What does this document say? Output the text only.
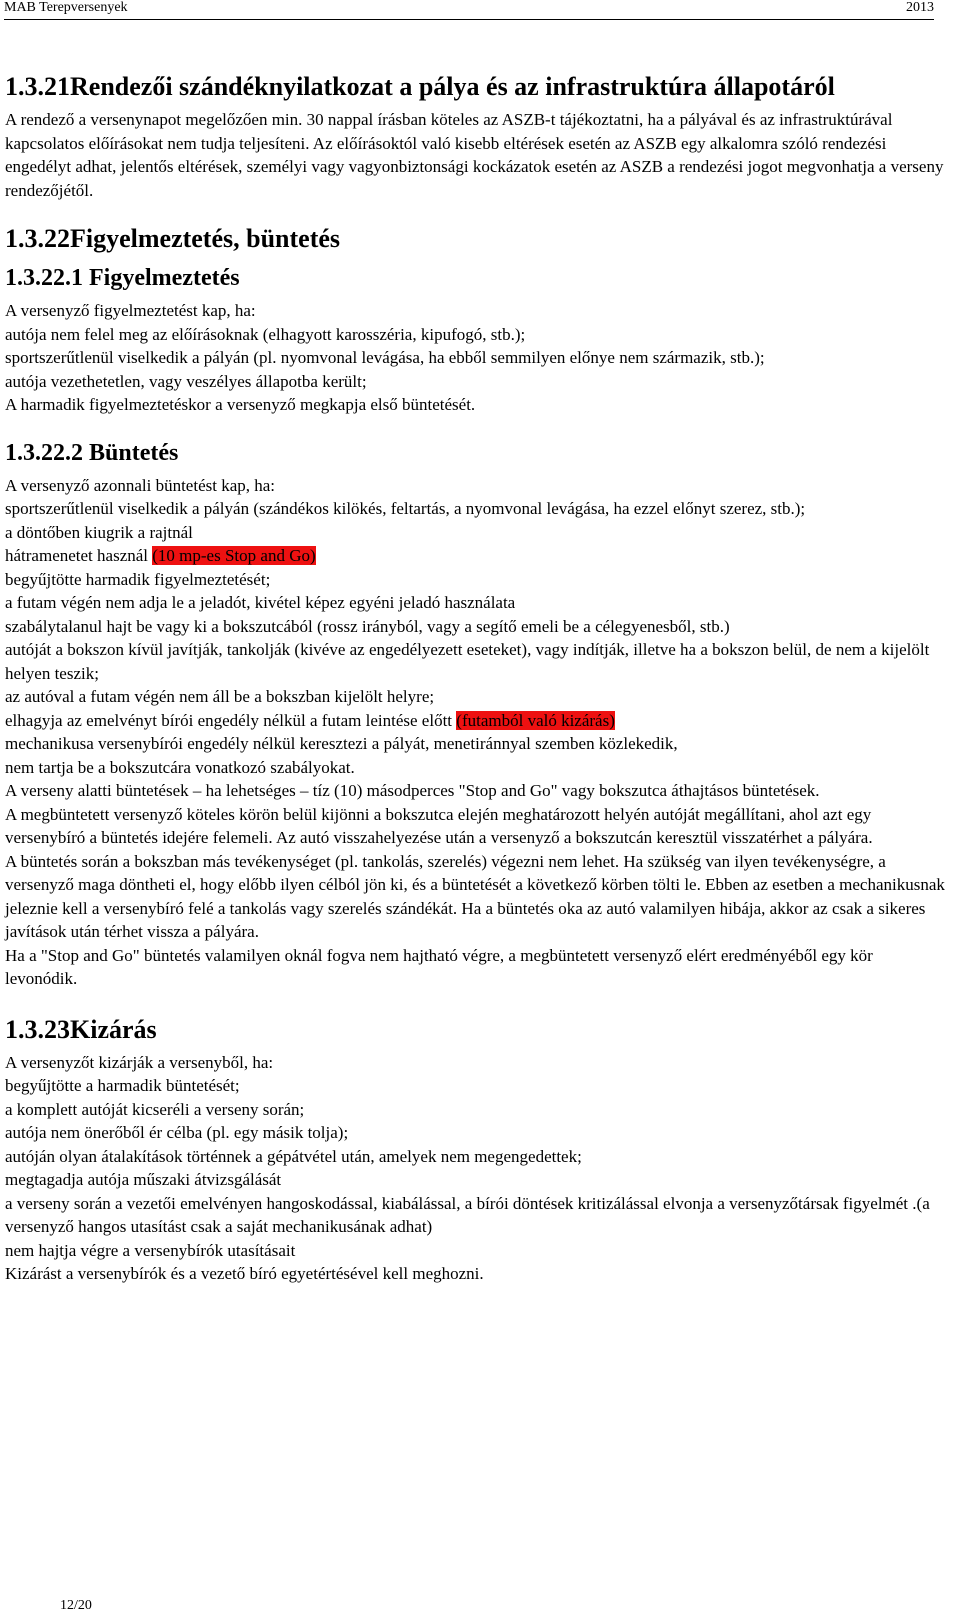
MAB Terepversenyek	2013
1.3.21Rendezői szándéknyilatkozat a pálya és az infrastruktúra állapotáról

A rendező a versenynapot megelőzően min. 30 nappal írásban köteles az ASZB-t tájékoztatni, ha a pályával és az infrastruktúrával kapcsolatos előírásokat nem tudja teljesíteni. Az előírásoktól való kisebb eltérések esetén az ASZB egy alkalomra szóló rendezési engedélyt adhat, jelentős eltérések, személyi vagy vagyonbiztonsági kockázatok esetén az ASZB a rendezési jogot megvonhatja a verseny rendezőjétől.

1.3.22Figyelmeztetés, büntetés
1.3.22.1 Figyelmeztetés

A versenyző figyelmeztetést kap, ha:

autója nem felel meg az előírásoknak (elhagyott karosszéria, kipufogó, stb.);

sportszerűtlenül viselkedik a pályán (pl. nyomvonal levágása, ha ebből semmilyen előnye nem származik, stb.);

autója vezethetetlen, vagy veszélyes állapotba került;

A harmadik figyelmeztetéskor a versenyző megkapja első büntetését.

1.3.22.2 Büntetés

A versenyző azonnali büntetést kap, ha:

sportszerűtlenül viselkedik a pályán (szándékos kilökés, feltartás, a nyomvonal levágása, ha ezzel előnyt szerez, stb.);

a döntőben kiugrik a rajtnál

hátramenetet használ (10 mp-es Stop and Go)

begyűjtötte harmadik figyelmeztetését;

a futam végén nem adja le a jeladót, kivétel képez egyéni jeladó használata

szabálytalanul hajt be vagy ki a bokszutcából (rossz irányból, vagy a segítő emeli be a célegyenesből, stb.)

autóját a bokszon kívül javítják, tankolják (kivéve az engedélyezett eseteket), vagy indítják, illetve ha a bokszon belül, de nem a kijelölt helyen teszik;

az autóval a futam végén nem áll be a bokszban kijelölt helyre;

elhagyja az emelvényt bírói engedély nélkül a futam leintése előtt (futamból való kizárás)

mechanikusa versenybírói engedély nélkül keresztezi a pályát, menetiránnyal szemben közlekedik,

nem tartja be a bokszutcára vonatkozó szabályokat.

A verseny alatti büntetések – ha lehetséges – tíz (10) másodperces "Stop and Go" vagy bokszutca áthajtásos büntetések.

A megbüntetett versenyző köteles körön belül kijönni a bokszutca elején meghatározott helyén autóját megállítani, ahol azt egy versenybíró a büntetés idejére felemeli. Az autó visszahelyezése után a versenyző a bokszutcán keresztül visszatérhet a pályára.

A büntetés során a bokszban más tevékenységet (pl. tankolás, szerelés) végezni nem lehet. Ha szükség van ilyen tevékenységre, a versenyző maga döntheti el, hogy előbb ilyen célból jön ki, és a büntetését a következő körben tölti le. Ebben az esetben a mechanikusnak jeleznie kell a versenybíró felé a tankolás vagy szerelés szándékát. Ha a büntetés oka az autó valamilyen hibája, akkor az csak a sikeres javítások után térhet vissza a pályára.

Ha a "Stop and Go" büntetés valamilyen oknál fogva nem hajtható végre, a megbüntetett versenyző elért eredményéből egy kör levonódik.

1.3.23Kizárás

A versenyzőt kizárják a versenyből, ha:

begyűjtötte a harmadik büntetését;

a komplett autóját kicseréli a verseny során;

autója nem önerőből ér célba (pl. egy másik tolja);

autóján olyan átalakítások történnek a gépátvétel után, amelyek nem megengedettek;

megtagadja autója műszaki átvizsgálását

a verseny során a vezetői emelvényen hangoskodással, kiabálással, a bírói döntések kritizálással elvonja a versenyzőtársak figyelmét .(a versenyző hangos utasítást csak a saját mechanikusának adhat)

nem hajtja végre a versenybírók utasításait

Kizárást a versenybírók és a vezető bíró egyetértésével kell meghozni.

12/20
